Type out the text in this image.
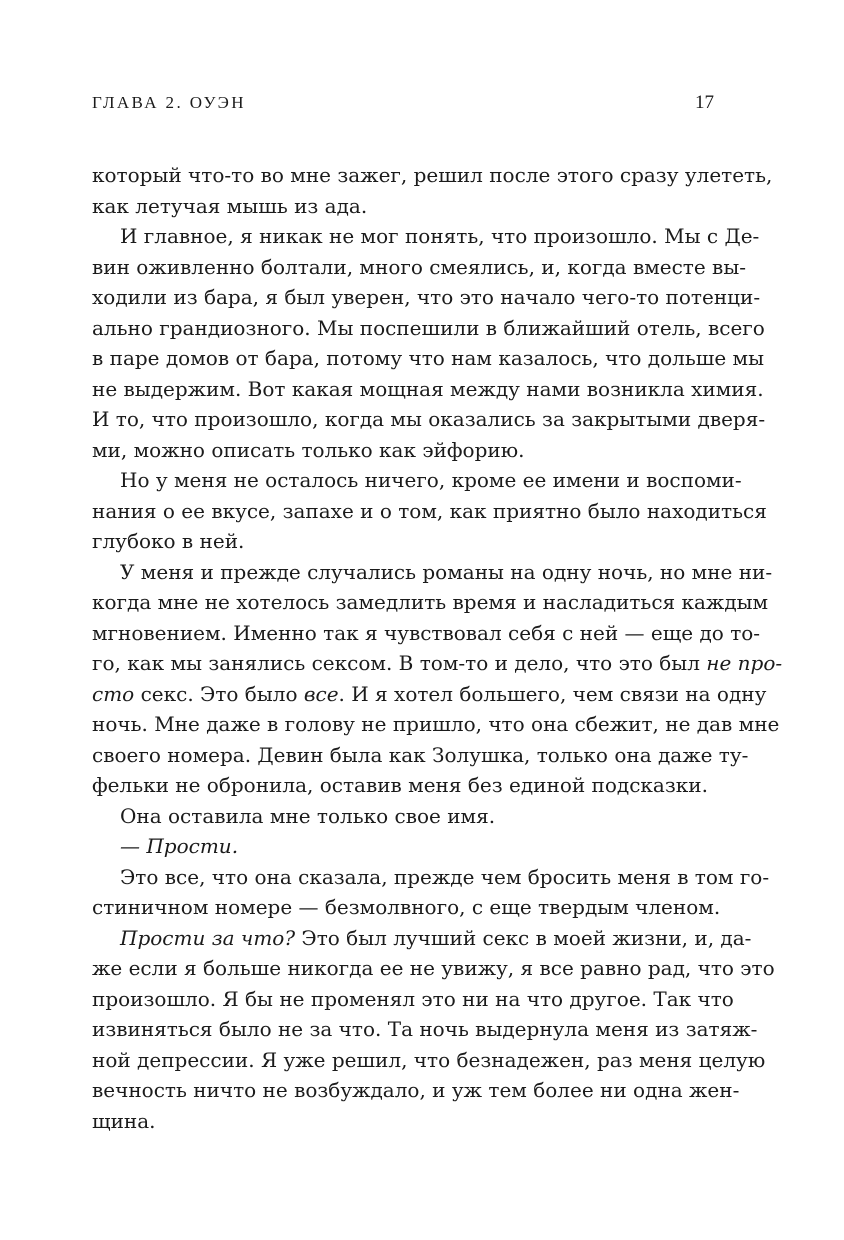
ГЛАВА 2. ОУЭН	17
который что-то во мне зажег, решил после этого сразу улететь,
как летучая мышь из ада.
И главное, я никак не мог понять, что произошло. Мы с Де-
вин оживленно болтали, много смеялись, и, когда вместе вы-
ходили из бара, я был уверен, что это начало чего-то потенци-
ально грандиозного. Мы поспешили в ближайший отель, всего
в паре домов от бара, потому что нам казалось, что дольше мы
не выдержим. Вот какая мощная между нами возникла химия.
И то, что произошло, когда мы оказались за закрытыми дверя-
ми, можно описать только как эйфорию.
Но у меня не осталось ничего, кроме ее имени и воспоми-
нания о ее вкусе, запахе и о том, как приятно было находиться
глубоко в ней.
У меня и прежде случались романы на одну ночь, но мне ни-
когда мне не хотелось замедлить время и насладиться каждым
мгновением. Именно так я чувствовал себя с ней — еще до то-
го, как мы занялись сексом. В том-то и дело, что это был не про-
сто секс. Это было все. И я хотел большего, чем связи на одну
ночь. Мне даже в голову не пришло, что она сбежит, не дав мне
своего номера. Девин была как Золушка, только она даже ту-
фельки не обронила, оставив меня без единой подсказки.
Она оставила мне только свое имя.
— Прости.
Это все, что она сказала, прежде чем бросить меня в том го-
стиничном номере — безмолвного, с еще твердым членом.
Прости за что? Это был лучший секс в моей жизни, и, да-
же если я больше никогда ее не увижу, я все равно рад, что это
произошло. Я бы не променял это ни на что другое. Так что
извиняться было не за что. Та ночь выдернула меня из затяж-
ной депрессии. Я уже решил, что безнадежен, раз меня целую
вечность ничто не возбуждало, и уж тем более ни одна жен-
щина.
